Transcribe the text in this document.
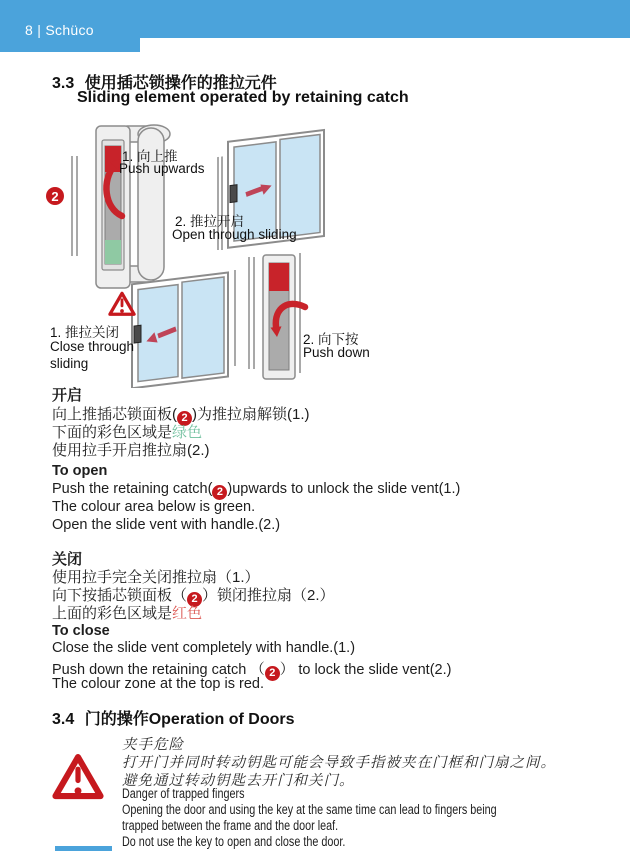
8 | Schüco
3.3 使用插芯锁操作的推拉元件
Sliding element operated by retaining catch
2
1. 向上推
Push upwards
2. 推拉开启
Open through sliding
1. 推拉关闭
Close through
sliding
2. 向下按
Push down
开启
向上推插芯锁面板( 2 )为推拉扇解锁(1.)
下面的彩色区域是绿色
使用拉手开启推拉扇(2.)
To open
Push the retaining catch( 2 )upwards to unlock the slide vent(1.)
The colour area below is green.
Open the slide vent with handle.(2.)
关闭
使用拉手完全关闭推拉扇（1.）
向下按插芯锁面板（ 2 ）锁闭推拉扇（2.）
上面的彩色区域是红色
To close
Close the slide vent completely with handle.(1.)
Push down the retaining catch （ 2 ） to lock the slide vent(2.)
The colour zone at the top is red.
3.4 门的操作Operation of Doors
夹手危险
打开门并同时转动钥匙可能会导致手指被夹在门框和门扇之间。
避免通过转动钥匙去开门和关门。
Danger of trapped fingers
Opening the door and using the key at the same time can lead to fingers being
trapped between the frame and the door leaf.
Do not use the key to open and close the door.
